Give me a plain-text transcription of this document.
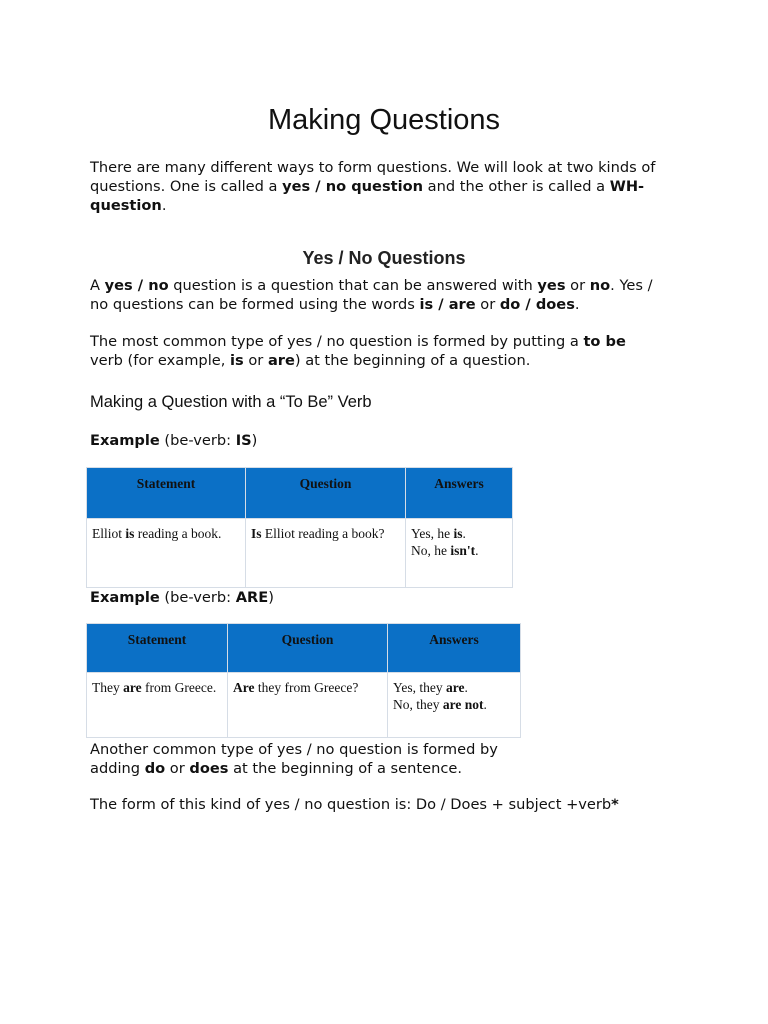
Making Questions
There are many different ways to form questions. We will look at two kinds of questions. One is called a yes / no question and the other is called a WH- question.
Yes / No Questions
A yes / no question is a question that can be answered with yes or no. Yes / no questions can be formed using the words is / are or do / does.
The most common type of yes / no question is formed by putting a to be verb (for example, is or are) at the beginning of a question.
Making a Question with a “To Be” Verb
Example (be-verb: IS)
Statement	Question	Answers
Elliot is reading a book.	Is Elliot reading a book?	Yes, he is.
No, he isn't.
Example (be-verb: ARE)
Statement	Question	Answers
They are from Greece.	Are they from Greece?	Yes, they are.
No, they are not.
Another common type of yes / no question is formed by adding do or does at the beginning of a sentence.
The form of this kind of yes / no question is: Do / Does + subject +verb*
